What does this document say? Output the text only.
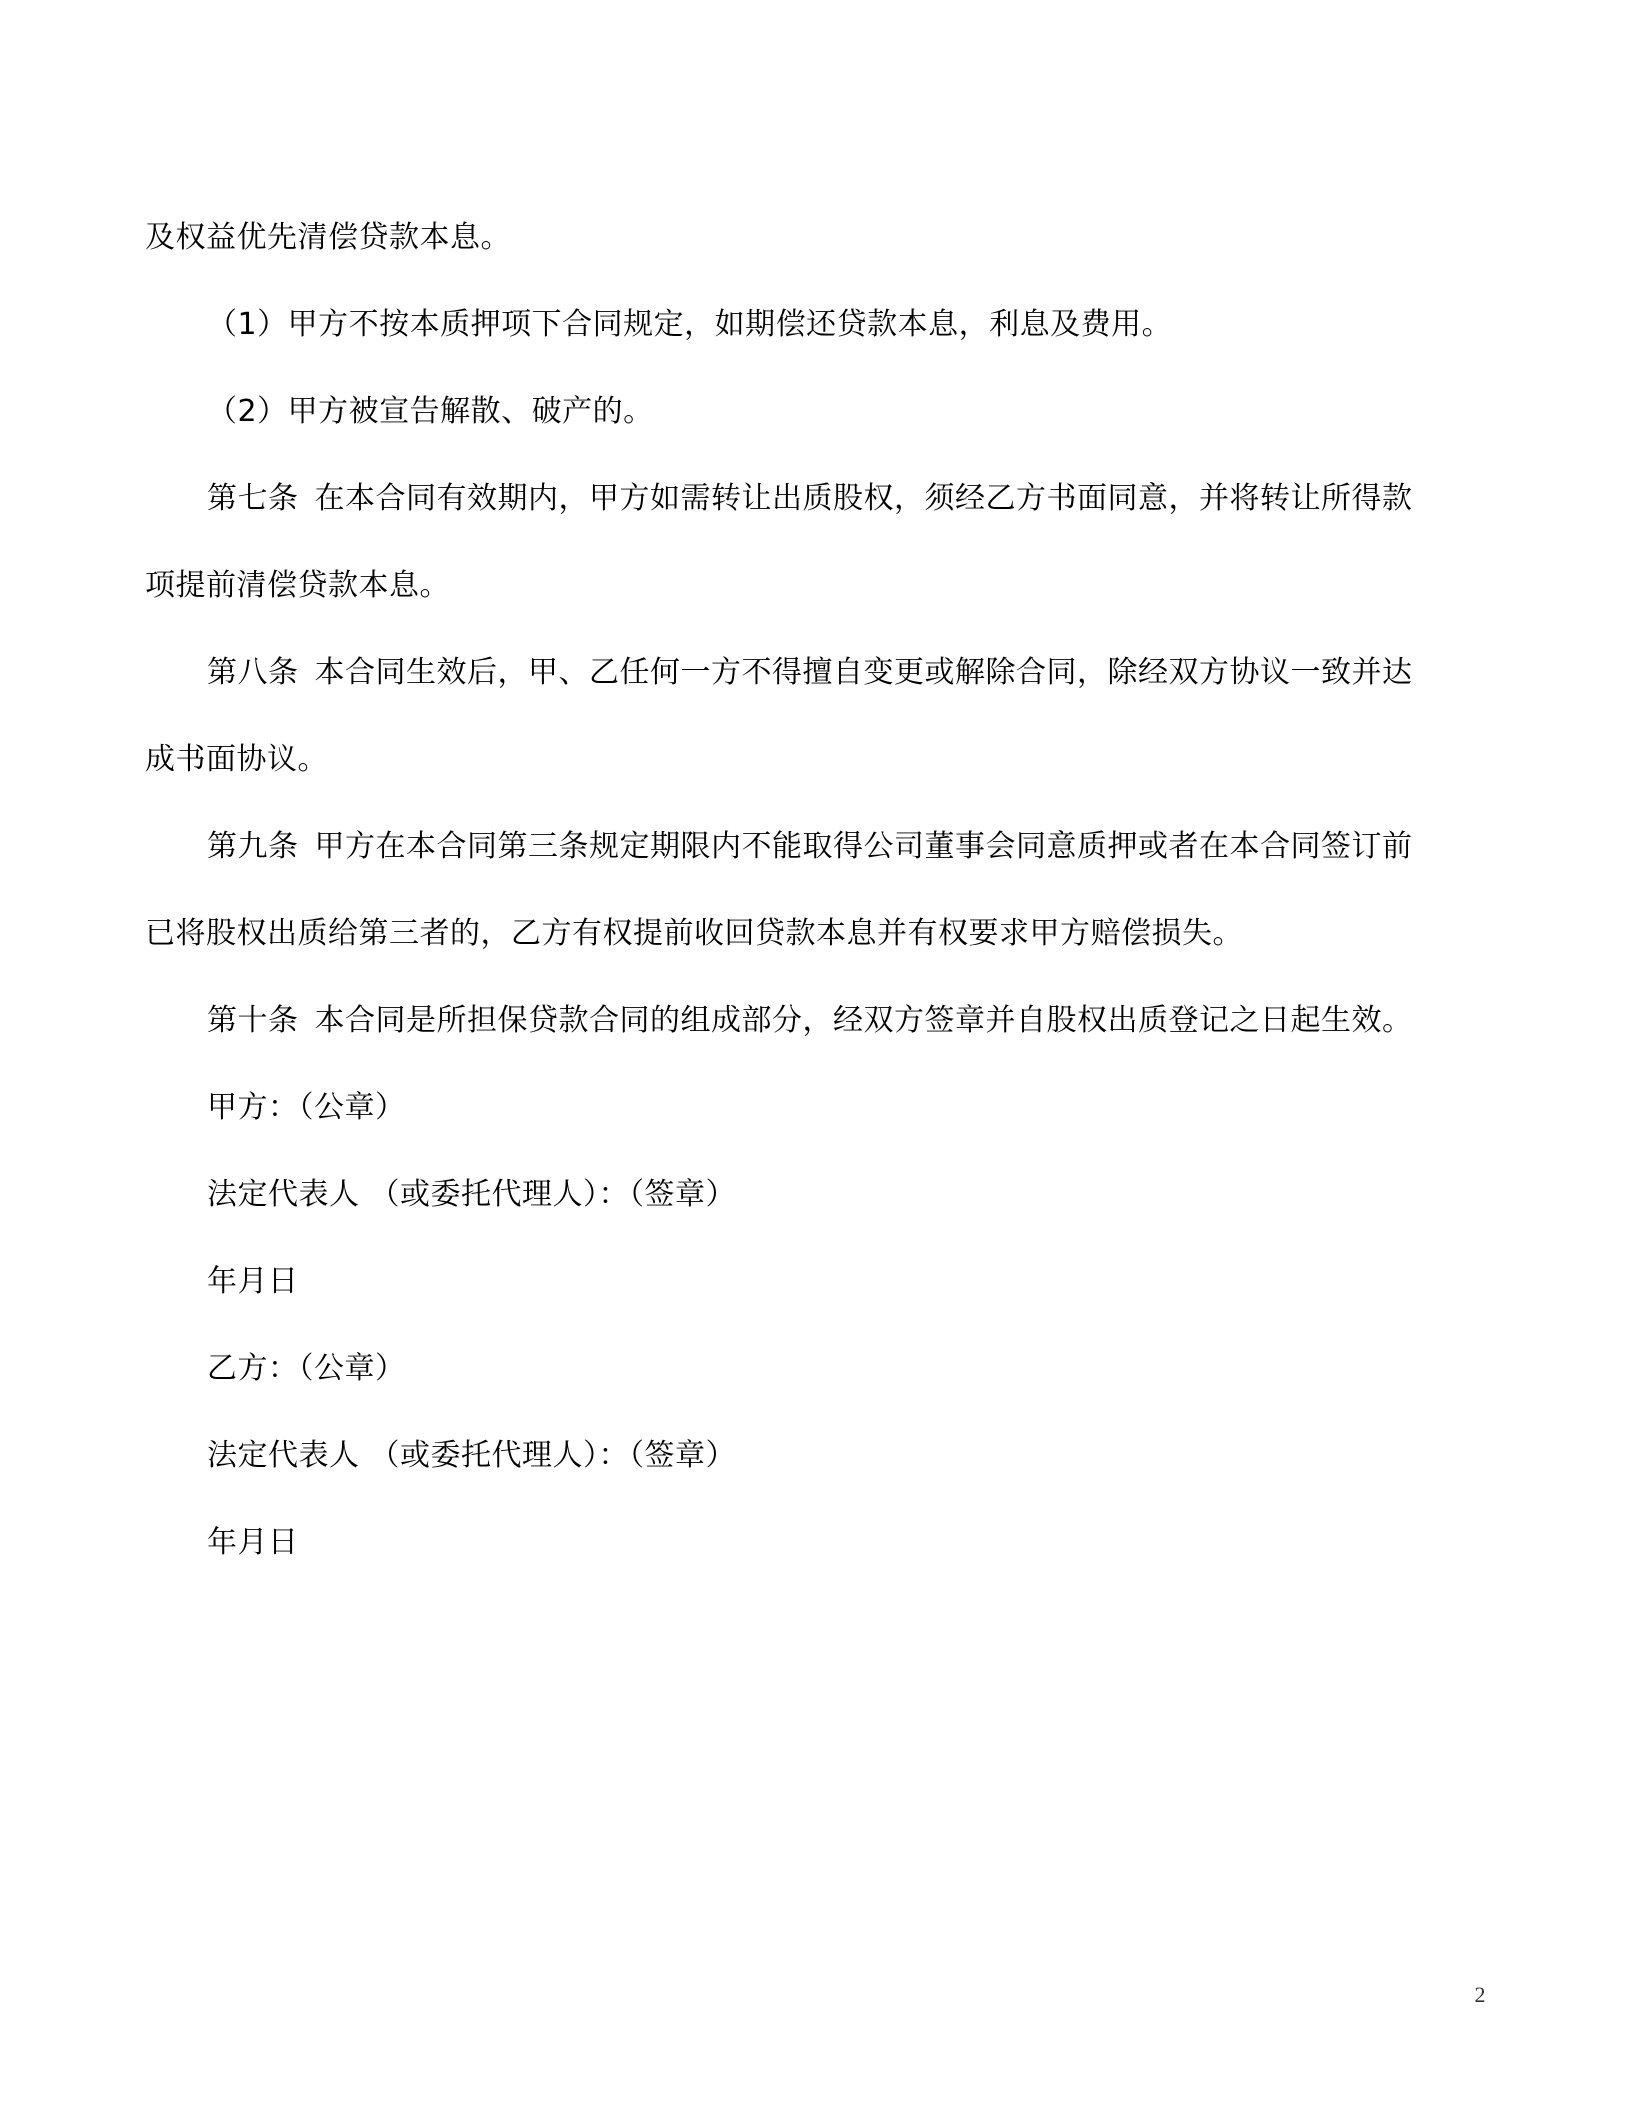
及权益优先清偿贷款本息。

（1）甲方不按本质押项下合同规定，如期偿还贷款本息，利息及费用。

（2）甲方被宣告解散、破产的。

第七条 在本合同有效期内，甲方如需转让出质股权，须经乙方书面同意，并将转让所得款

项提前清偿贷款本息。

第八条 本合同生效后，甲、乙任何一方不得擅自变更或解除合同，除经双方协议一致并达

成书面协议。

第九条 甲方在本合同第三条规定期限内不能取得公司董事会同意质押或者在本合同签订前

已将股权出质给第三者的，乙方有权提前收回贷款本息并有权要求甲方赔偿损失。

第十条 本合同是所担保贷款合同的组成部分，经双方签章并自股权出质登记之日起生效。

甲方：（公章）

法定代表人 （或委托代理人）：（签章）

年月日

乙方：（公章）

法定代表人 （或委托代理人）：（签章）

年月日

2
